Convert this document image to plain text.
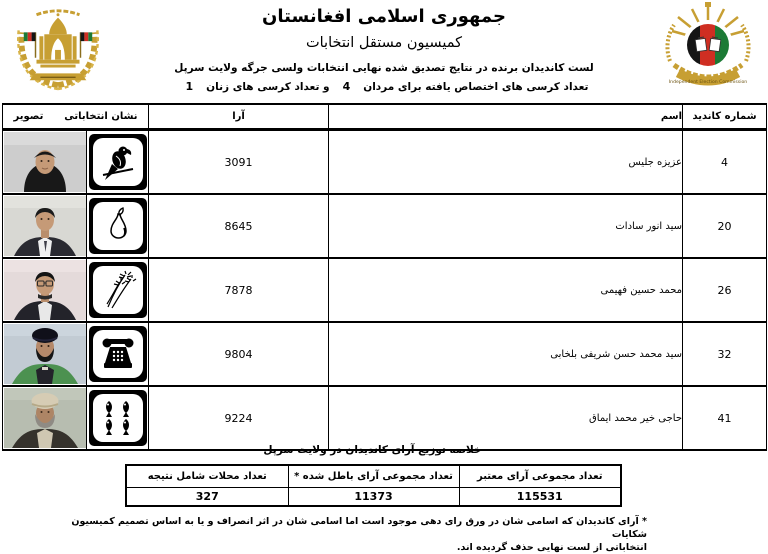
Independent Election Commission
جمهوری اسلامی افغانستان
کمیسیون مستقل انتخابات
لست کاندیدان برنده در نتایج تصدیق شده نهایی انتخابات ولسی جرگه ولایت سرپل
تعداد کرسی های اختصاص یافته برای مردان
4
و تعداد کرسی های زنان
1
شماره کاندید	اسم	آرا	نشان انتخاباتی
تصویر	

4	عزیزه جلیس	3091	

20	سید انور سادات	8645	

26	محمد حسین فهیمی	7878	

32	سید محمد حسن شریفی بلخابی	9804	

41	حاجی خیر محمد ایماق	9224	

خلاصه توزیع آرای کاندیدان در ولایت سرپل
تعداد مجموعی آرای معتبر	تعداد مجموعی آرای باطل شده *	تعداد محلات شامل نتیجه
115531	11373	327
* آرای کاندیدان که اسامی شان در ورق رای دهی موجود است اما اسامی شان در اثر انصراف و یا به اساس تصمیم کمیسیون شکایات
انتخاباتی از لست نهایی حذف گردیده اند.
